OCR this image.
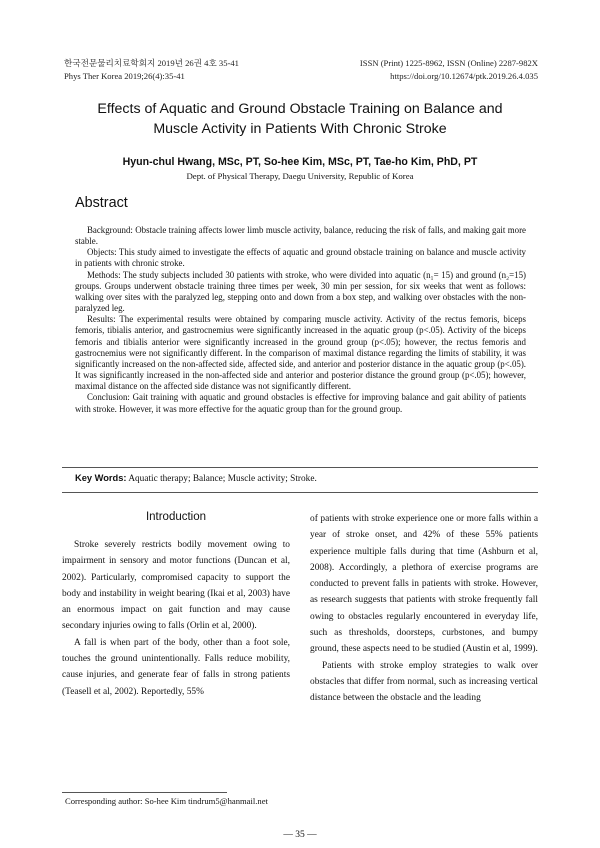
한국전문물리치료학회지 2019년 26권 4호 35-41
Phys Ther Korea 2019;26(4):35-41
ISSN (Print) 1225-8962, ISSN (Online) 2287-982X
https://doi.org/10.12674/ptk.2019.26.4.035
Effects of Aquatic and Ground Obstacle Training on Balance and
Muscle Activity in Patients With Chronic Stroke
Hyun-chul Hwang, MSc, PT, So-hee Kim, MSc, PT, Tae-ho Kim, PhD, PT
Dept. of Physical Therapy, Daegu University, Republic of Korea
Abstract

Background: Obstacle training affects lower limb muscle activity, balance, reducing the risk of falls, and making gait more stable.

Objects: This study aimed to investigate the effects of aquatic and ground obstacle training on balance and muscle activity in patients with chronic stroke.

Methods: The study subjects included 30 patients with stroke, who were divided into aquatic (n₁= 15) and ground (n₂=15) groups. Groups underwent obstacle training three times per week, 30 min per session, for six weeks that went as follows: walking over sites with the paralyzed leg, stepping onto and down from a box step, and walking over obstacles with the non-paralyzed leg.

Results: The experimental results were obtained by comparing muscle activity. Activity of the rectus femoris, biceps femoris, tibialis anterior, and gastrocnemius were significantly increased in the aquatic group (p<.05). Activity of the biceps femoris and tibialis anterior were significantly increased in the ground group (p<.05); however, the rectus femoris and gastrocnemius were not significantly different. In the comparison of maximal distance regarding the limits of stability, it was significantly increased on the non-affected side, affected side, and anterior and posterior distance in the aquatic group (p<.05). It was significantly increased in the non-affected side and anterior and posterior distance the ground group (p<.05); however, maximal distance on the affected side distance was not significantly different.

Conclusion: Gait training with aquatic and ground obstacles is effective for improving balance and gait ability of patients with stroke. However, it was more effective for the aquatic group than for the ground group.

Key Words: Aquatic therapy; Balance; Muscle activity; Stroke.
Introduction

Stroke severely restricts bodily movement owing to impairment in sensory and motor functions (Duncan et al, 2002). Particularly, compromised capacity to support the body and instability in weight bearing (Ikai et al, 2003) have an enormous impact on gait function and may cause secondary injuries owing to falls (Orlin et al, 2000).

A fall is when part of the body, other than a foot sole, touches the ground unintentionally. Falls reduce mobility, cause injuries, and generate fear of falls in strong patients (Teasell et al, 2002). Reportedly, 55%

of patients with stroke experience one or more falls within a year of stroke onset, and 42% of these 55% patients experience multiple falls during that time (Ashburn et al, 2008). Accordingly, a plethora of exercise programs are conducted to prevent falls in patients with stroke. However, as research suggests that patients with stroke frequently fall owing to obstacles regularly encountered in everyday life, such as thresholds, doorsteps, curbstones, and bumpy ground, these aspects need to be studied (Austin et al, 1999).

Patients with stroke employ strategies to walk over obstacles that differ from normal, such as increasing vertical distance between the obstacle and the leading

Corresponding author: So-hee Kim tindrum5@hanmail.net
― 35 ―
